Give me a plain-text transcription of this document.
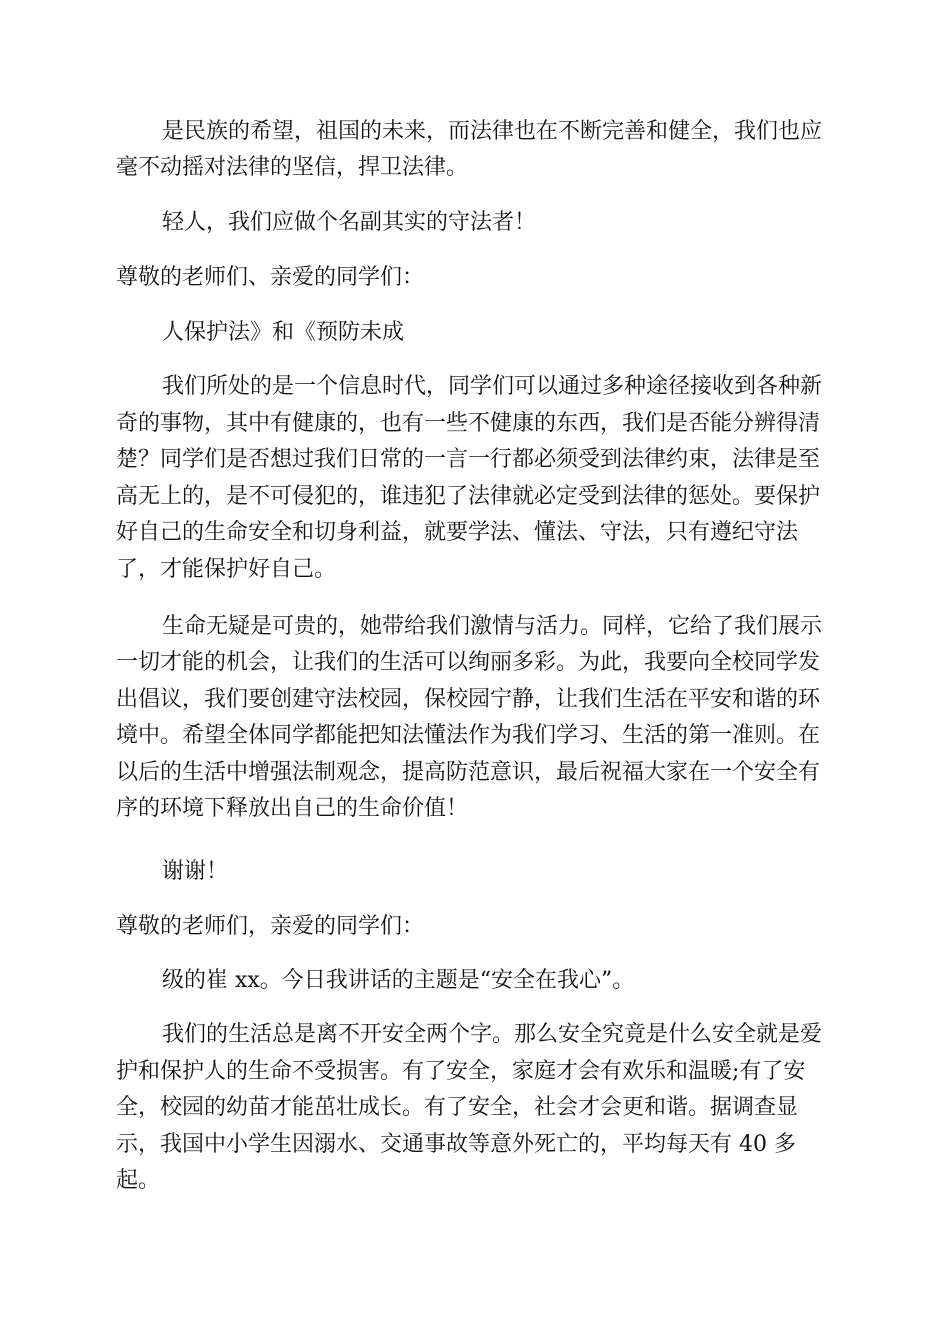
是民族的希望，祖国的未来，而法律也在不断完善和健全，我们也应
毫不动摇对法律的坚信，捍卫法律。
轻人，我们应做个名副其实的守法者！
尊敬的老师们、亲爱的同学们：
人保护法》和《预防未成
我们所处的是一个信息时代，同学们可以通过多种途径接收到各种新
奇的事物，其中有健康的，也有一些不健康的东西，我们是否能分辨得清
楚？同学们是否想过我们日常的一言一行都必须受到法律约束，法律是至
高无上的，是不可侵犯的，谁违犯了法律就必定受到法律的惩处。要保护
好自己的生命安全和切身利益，就要学法、懂法、守法，只有遵纪守法
了，才能保护好自己。
生命无疑是可贵的，她带给我们激情与活力。同样，它给了我们展示
一切才能的机会，让我们的生活可以绚丽多彩。为此，我要向全校同学发
出倡议，我们要创建守法校园，保校园宁静，让我们生活在平安和谐的环
境中。希望全体同学都能把知法懂法作为我们学习、生活的第一准则。在
以后的生活中增强法制观念，提高防范意识，最后祝福大家在一个安全有
序的环境下释放出自己的生命价值！
谢谢！
尊敬的老师们，亲爱的同学们：
级的崔 xx。今日我讲话的主题是“安全在我心”。
我们的生活总是离不开安全两个字。那么安全究竟是什么安全就是爱
护和保护人的生命不受损害。有了安全，家庭才会有欢乐和温暖;有了安
全，校园的幼苗才能茁壮成长。有了安全，社会才会更和谐。据调查显
示，我国中小学生因溺水、交通事故等意外死亡的，平均每天有 40 多
起。
